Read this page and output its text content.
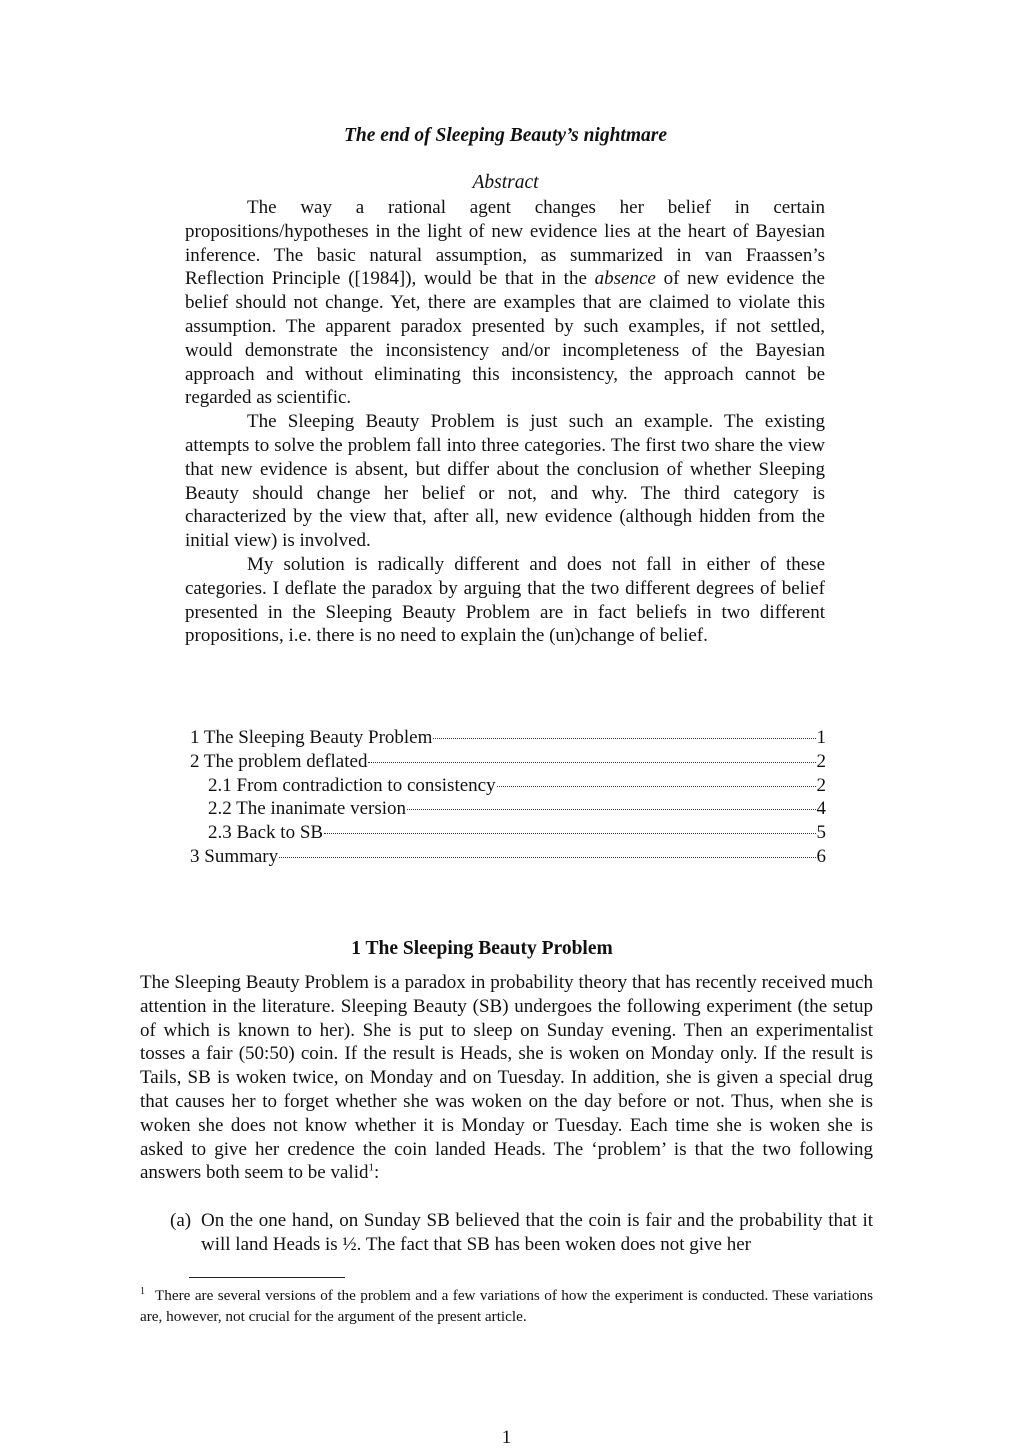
The end of Sleeping Beauty’s nightmare
Abstract

The way a rational agent changes her belief in certain propositions/hypotheses in the light of new evidence lies at the heart of Bayesian inference. The basic natural assumption, as summarized in van Fraassen’s Reflection Principle ([1984]), would be that in the absence of new evidence the belief should not change. Yet, there are examples that are claimed to violate this assumption. The apparent paradox presented by such examples, if not settled, would demonstrate the inconsistency and/or incompleteness of the Bayesian approach and without eliminating this inconsistency, the approach cannot be regarded as scientific.

The Sleeping Beauty Problem is just such an example. The existing attempts to solve the problem fall into three categories. The first two share the view that new evidence is absent, but differ about the conclusion of whether Sleeping Beauty should change her belief or not, and why. The third category is characterized by the view that, after all, new evidence (although hidden from the initial view) is involved.

My solution is radically different and does not fall in either of these categories. I deflate the paradox by arguing that the two different degrees of belief presented in the Sleeping Beauty Problem are in fact beliefs in two different propositions, i.e. there is no need to explain the (un)change of belief.

1 The Sleeping Beauty Problem	1
2 The problem deflated	2
2.1 From contradiction to consistency	2
2.2 The inanimate version	4
2.3 Back to SB	5
3 Summary	6
1 The Sleeping Beauty Problem

The Sleeping Beauty Problem is a paradox in probability theory that has recently received much attention in the literature. Sleeping Beauty (SB) undergoes the following experiment (the setup of which is known to her). She is put to sleep on Sunday evening. Then an experimentalist tosses a fair (50:50) coin. If the result is Heads, she is woken on Monday only. If the result is Tails, SB is woken twice, on Monday and on Tuesday. In addition, she is given a special drug that causes her to forget whether she was woken on the day before or not. Thus, when she is woken she does not know whether it is Monday or Tuesday. Each time she is woken she is asked to give her credence the coin landed Heads. The ‘problem’ is that the two following answers both seem to be valid$^1$:

(a) On the one hand, on Sunday SB believed that the coin is fair and the probability that it will land Heads is ½. The fact that SB has been woken does not give her
$^1$ There are several versions of the problem and a few variations of how the experiment is conducted. These variations are, however, not crucial for the argument of the present article.
1
